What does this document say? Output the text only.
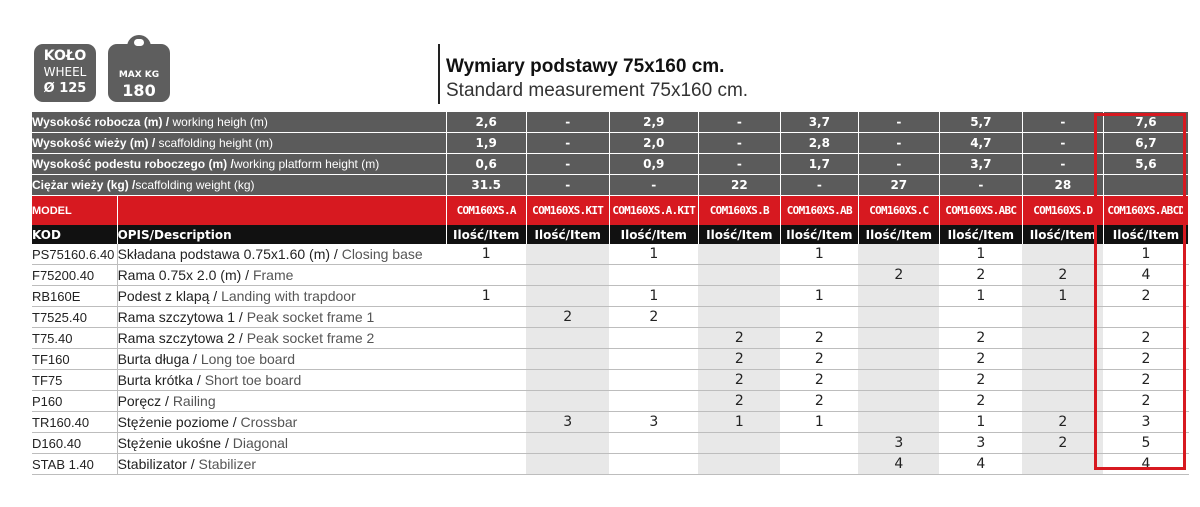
KOŁO
WHEEL
Ø 125
MAX KG
180
Wymiary podstawy 75x160 cm.
Standard measurement 75x160 cm.
Wysokość robocza (m) / working heigh (m)		2,6	-	2,9	-	3,7	-	5,7	-	7,6
Wysokość wieży (m) / scaffolding height (m)		1,9	-	2,0	-	2,8	-	4,7	-	6,7
Wysokość podestu roboczego (m) /working platform height (m)		0,6	-	0,9	-	1,7	-	3,7	-	5,6
Ciężar wieży (kg) /scaffolding weight (kg)		31.5	-	-	22	-	27	-	28	
MODEL		COM160XS.A	COM160XS.KIT	COM160XS.A.KIT	COM160XS.B	COM160XS.AB	COM160XS.C	COM160XS.ABC	COM160XS.D	COM160XS.ABCD
KOD	OPIS/Description	Ilość/Item	Ilość/Item	Ilość/Item	Ilość/Item	Ilość/Item	Ilość/Item	Ilość/Item	Ilość/Item	Ilość/Item
PS75160.6.40	Składana podstawa 0.75x1.60 (m) / Closing base	1		1		1		1		1
F75200.40	Rama 0.75x 2.0 (m) / Frame						2	2	2	4
RB160E	Podest z klapą / Landing with trapdoor	1		1		1		1	1	2
T7525.40	Rama szczytowa 1 / Peak socket frame 1		2	2						
T75.40	Rama szczytowa 2 / Peak socket frame 2				2	2		2		2
TF160	Burta długa / Long toe board				2	2		2		2
TF75	Burta krótka / Short toe board				2	2		2		2
P160	Poręcz / Railing				2	2		2		2
TR160.40	Stężenie poziome / Crossbar		3	3	1	1		1	2	3
D160.40	Stężenie ukośne / Diagonal						3	3	2	5
STAB 1.40	Stabilizator / Stabilizer						4	4		4
